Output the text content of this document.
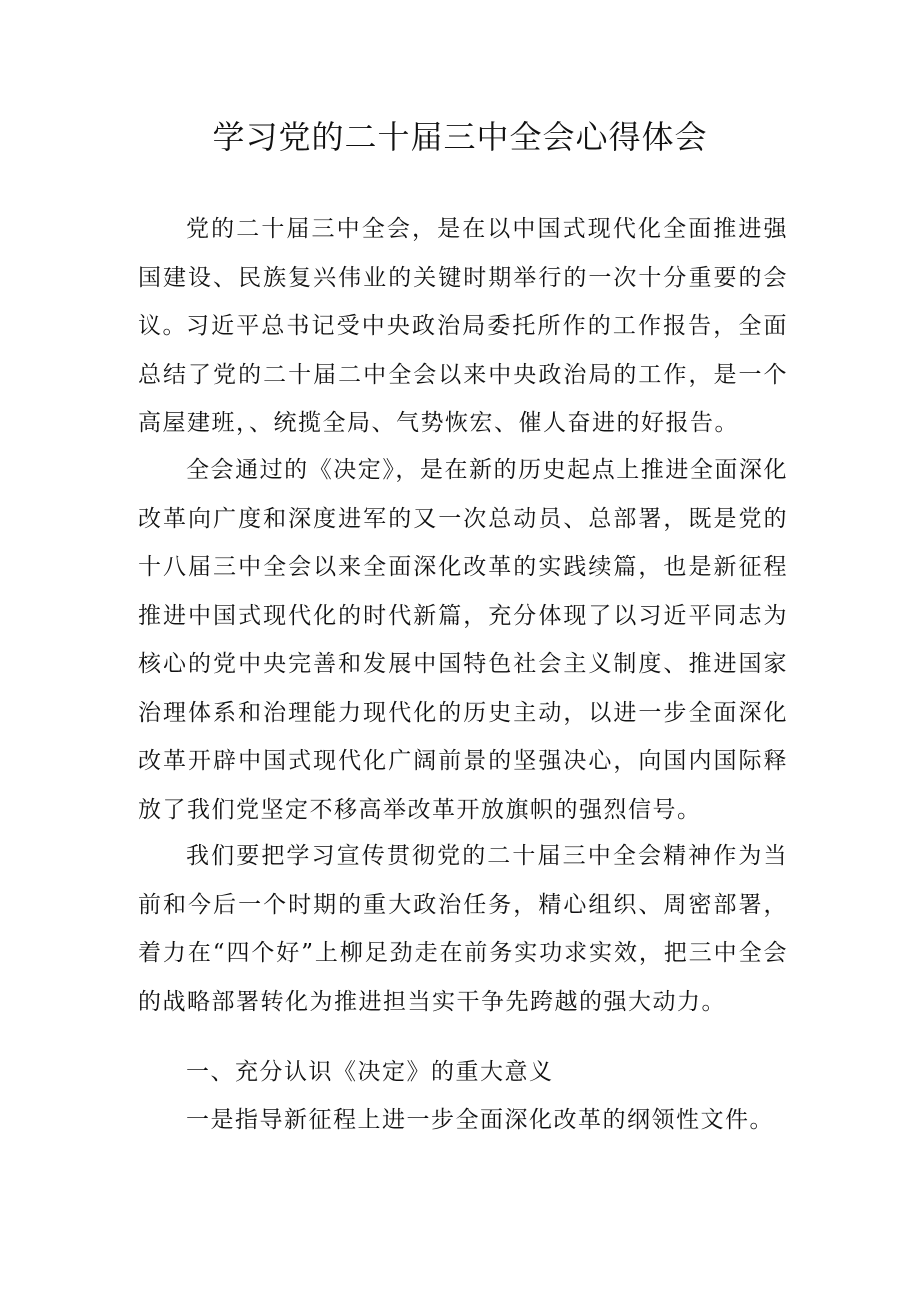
学习党的二十届三中全会心得体会

党的二十届三中全会，是在以中国式现代化全面推进强国建设、民族复兴伟业的关键时期举行的一次十分重要的会议。 习近平总书记受中央政治局委托所作的工作报告，全面总结了党的二十届二中全会以来中央政治局的工作，是一个高屋建班，、统揽全局、气势恢宏、催人奋进的好报告。

全会通过的《决定》，是在新的历史起点上推进全面深化改革向广度和深度进军的又一次总动员、总部署，既是党的十八届三中全会以来全面深化改革的实践续篇，也是新征程推进中国式现代化的时代新篇，充分体现了以习近平同志为核心的党中央完善和发展中国特色社会主义制度、推进国家治理体系和治理能力现代化的历史主动，以进一步全面深化改革开辟中国式现代化广阔前景的坚强决心，向国内国际释放了我们党坚定不移高举改革开放旗帜的强烈信号。

我们要把学习宣传贯彻党的二十届三中全会精神作为当前和今后一个时期的重大政治任务，精心组织、周密部署，着力在“四个好”上柳足劲走在前务实功求实效，把三中全会的战略部署转化为推进担当实干争先跨越的强大动力。

一、充分认识《决定》的重大意义

一是指导新征程上进一步全面深化改革的纲领性文件。
